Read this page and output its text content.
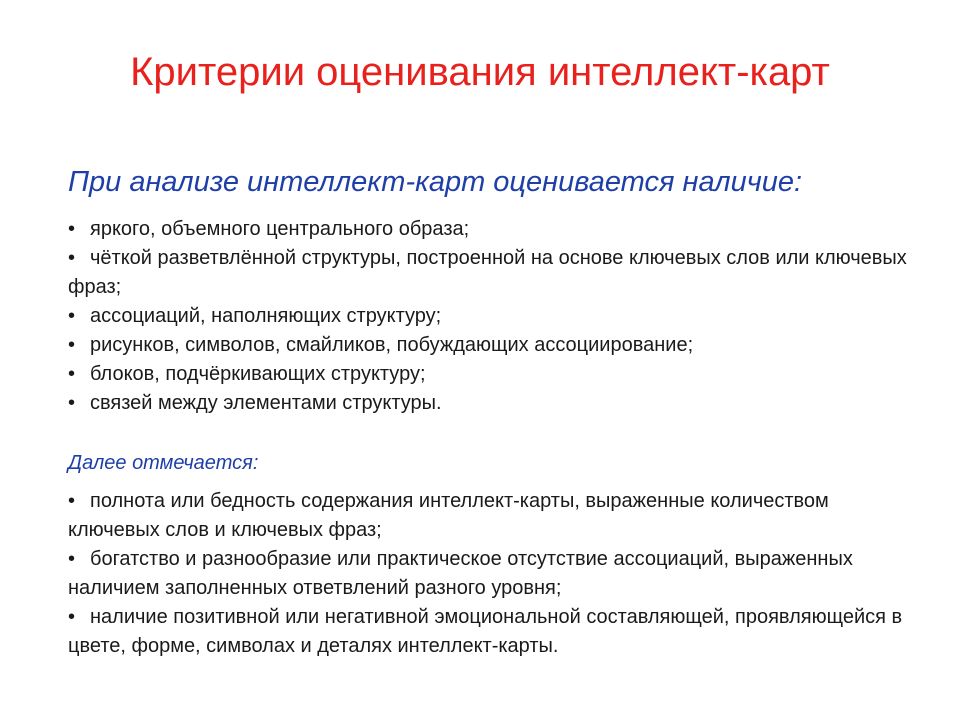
Критерии оценивания интеллект-карт
При анализе интеллект-карт оценивается наличие:
• яркого, объемного центрального образа;
• чёткой разветвлённой структуры, построенной на основе ключевых слов или ключевых фраз;
• ассоциаций, наполняющих структуру;
• рисунков, символов, смайликов, побуждающих ассоциирование;
• блоков, подчёркивающих структуру;
• связей между элементами структуры.
Далее отмечается:
• полнота или бедность содержания интеллект-карты, выраженные количеством ключевых слов и ключевых фраз;
• богатство и разнообразие или практическое отсутствие ассоциаций, выраженных наличием заполненных ответвлений разного уровня;
• наличие позитивной или негативной эмоциональной составляющей, проявляющейся в цвете, форме, символах и деталях интеллект-карты.
